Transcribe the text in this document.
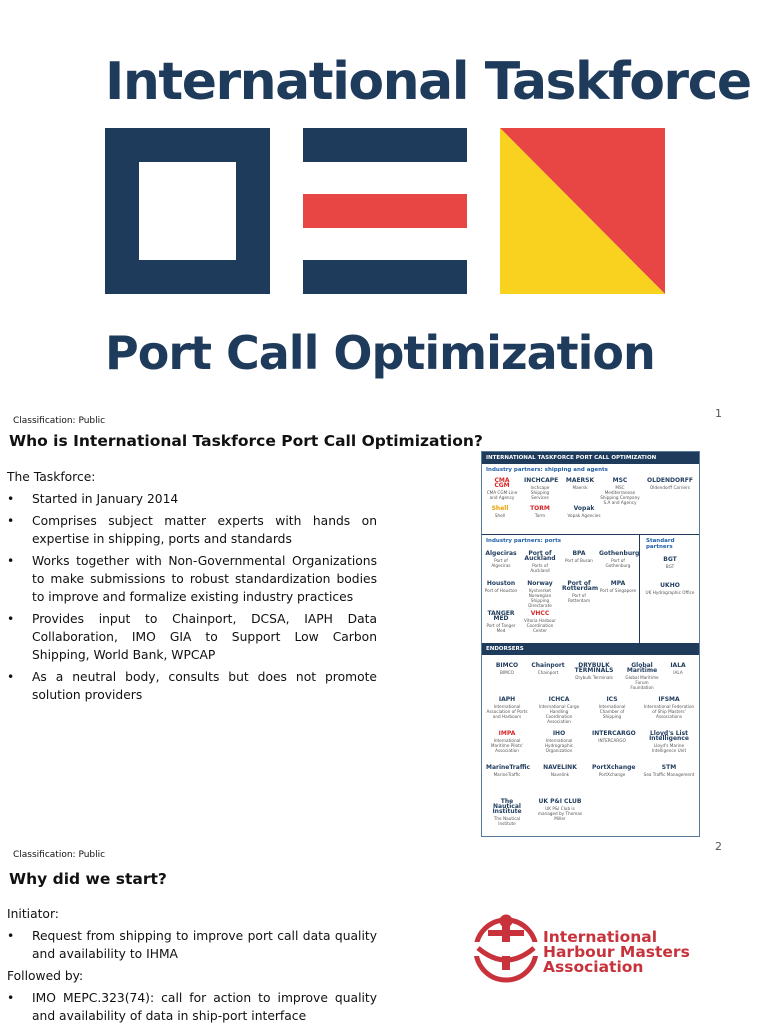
International Taskforce
Port Call Optimization
1
Classification: Public
Who is International Taskforce Port Call Optimization?

The Taskforce:

• Started in January 2014
• Comprises subject matter experts with hands on expertise in shipping, ports and standards
• Works together with Non-Governmental Organizations to make submissions to robust standardization bodies to improve and formalize existing industry practices
• Provides input to Chainport, DCSA, IAPH Data Collaboration, IMO GIA to Support Low Carbon Shipping, World Bank, WPCAP
• As a neutral body, consults but does not promote solution providers
INTERNATIONAL TASKFORCE PORT CALL OPTIMIZATION
Industry partners: shipping and agents
CMA CGM
CMA CGM Line and Agency
INCHCAPE
Inchcape Shipping Services
MAERSK
Maersk
MSC
MSC Mediterranean Shipping Company S.A and Agency
OLDENDORFF
Oldendorff Carriers
Shell
Shell
TORM
Torm
Vopak
Vopak Agencies
Industry partners: ports	Standard partners
Algeciras
Port of Algeciras
Port of Auckland
Ports of Auckland
BPA
Port of Busan
Gothenburg
Port of Gothenburg
Houston
Port of Houston
Norway
Kystverket Norwegian Shipping Directorate
Port of Rotterdam
Port of Rotterdam
MPA
Port of Singapore
TANGER MED
Port of Tanger Med
VHCC
Vitoria Harbour Coordination Center
BGT
BGT
UKHO
UK Hydrographic Office
ENDORSERS
BIMCO
BIMCO
Chainport
Chainport
DRYBULK TERMINALS
Drybulk Terminals
Global Maritime
Global Maritime Forum Foundation
IALA
IALA
IAPH
International Association of Ports and Harbours
ICHCA
International Cargo Handling Coordination Association
ICS
International Chamber of Shipping
IFSMA
International Federation of Ship Masters' Associations
IMPA
International Maritime Pilots' Association
IHO
International Hydrographic Organization
INTERCARGO
INTERCARGO
Lloyd's List Intelligence
Lloyd's Marine Intelligence Unit
MarineTraffic
MarineTraffic
NAVELINK
Navelink
PortXchange
PortXchange
STM
Sea Traffic Management
The Nautical Institute
The Nautical Institute
UK P&I CLUB
UK P&I Club is managed by Thomas Miller
2
Classification: Public
Why did we start?

Initiator:

• Request from shipping to improve port call data quality and availability to IHMA

Followed by:

• IMO MEPC.323(74): call for action to improve quality and availability of data in ship-port interface
International
Harbour Masters
Association
